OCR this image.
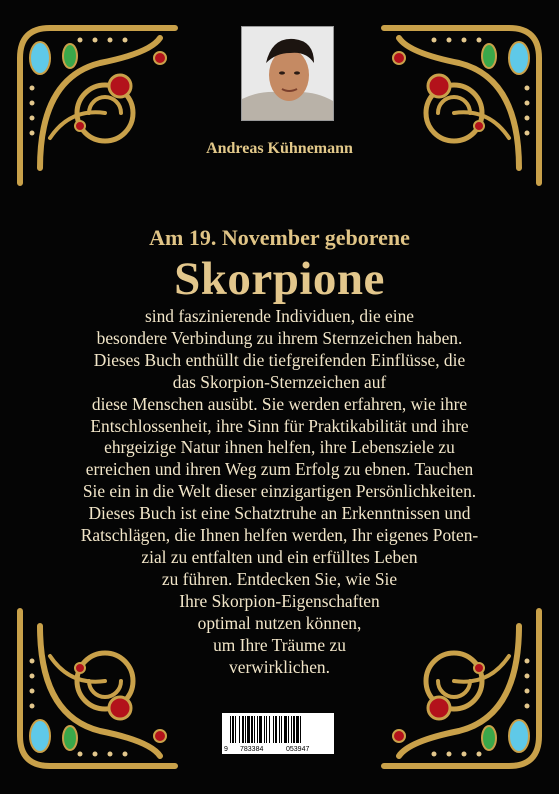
Andreas Kühnemann
Am 19. November geborene
Skorpione

sind faszinierende Individuen, die eine
besondere Verbindung zu ihrem Sternzeichen haben.
Dieses Buch enthüllt die tiefgreifenden Einflüsse, die
das Skorpion-Sternzeichen auf
diese Menschen ausübt. Sie werden erfahren, wie ihre
Entschlossenheit, ihre Sinn für Praktikabilität und ihre
ehrgeizige Natur ihnen helfen, ihre Lebensziele zu
erreichen und ihren Weg zum Erfolg zu ebnen. Tauchen
Sie ein in die Welt dieser einzigartigen Persönlichkeiten.
Dieses Buch ist eine Schatztruhe an Erkenntnissen und
Ratschlägen, die Ihnen helfen werden, Ihr eigenes Poten-
zial zu entfalten und ein erfülltes Leben
zu führen. Entdecken Sie, wie Sie
Ihre Skorpion-Eigenschaften
optimal nutzen können,
um Ihre Träume zu
verwirklichen.

9 783384	053947
